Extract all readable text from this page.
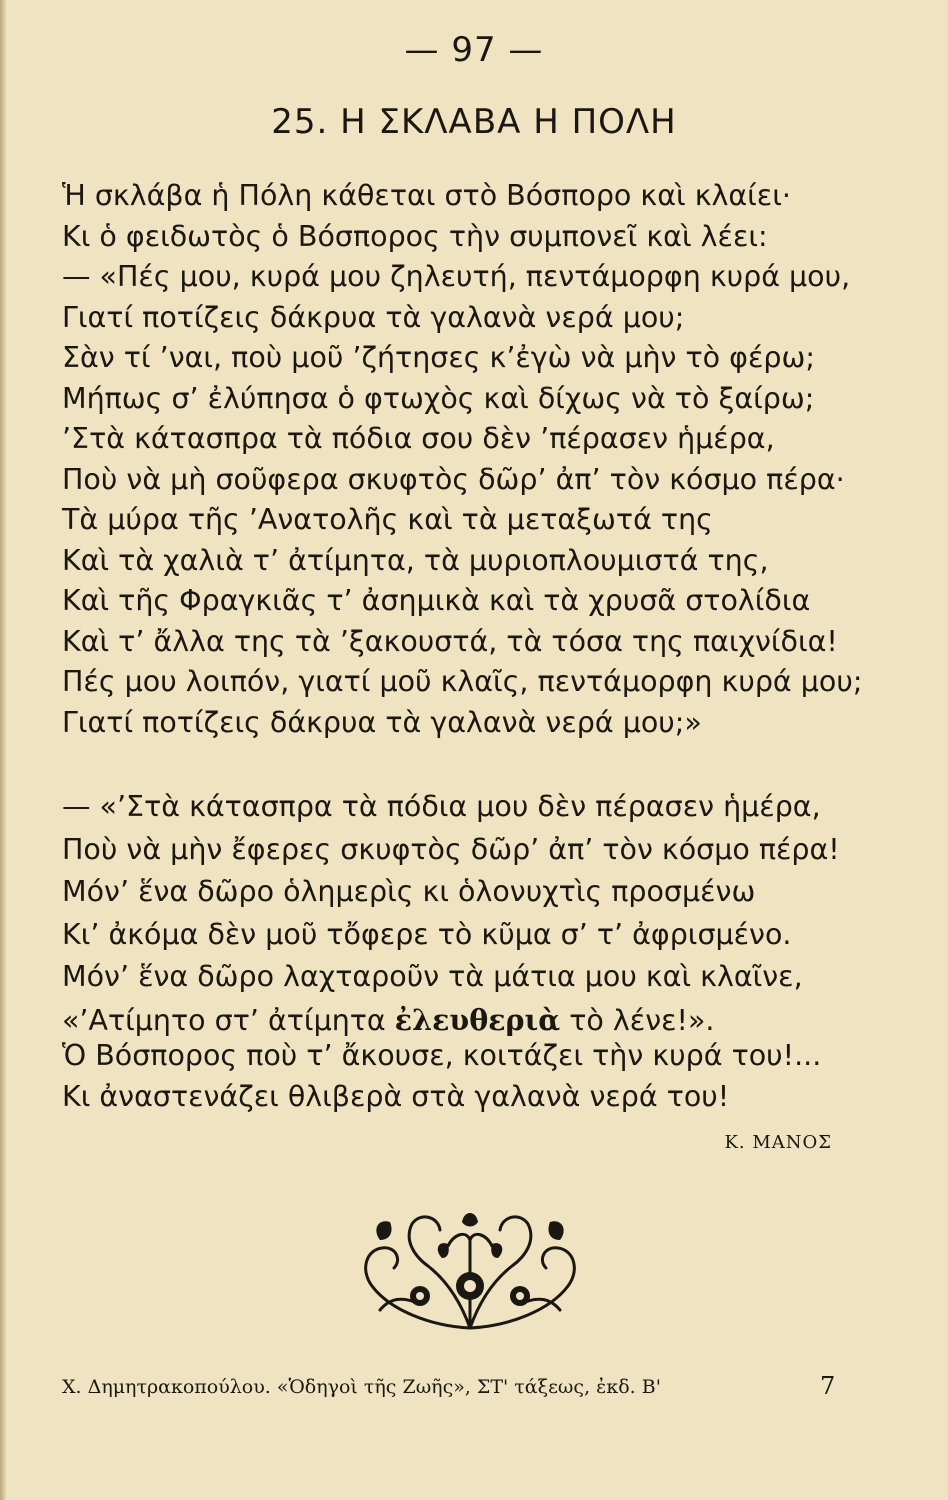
— 97 —
25. Η ΣΚΛΑΒΑ Η ΠΟΛΗ
Ἡ σκλάβα ἡ Πόλη κάθεται στὸ Βόσπορο καὶ κλαίει·
Κι ὁ φειδωτὸς ὁ Βόσπορος τὴν συμπονεῖ καὶ λέει:
— «Πές μου, κυρά μου ζηλευτή, πεντάμορφη κυρά μου,
Γιατί ποτίζεις δάκρυα τὰ γαλανὰ νερά μου;
Σὰν τί ’ναι, ποὺ μοῦ ’ζήτησες κ’ἐγὼ νὰ μὴν τὸ φέρω;
Μήπως σ’ ἐλύπησα ὁ φτωχὸς καὶ δίχως νὰ τὸ ξαίρω;
’Στὰ κάτασπρα τὰ πόδια σου δὲν ’πέρασεν ἡμέρα,
Ποὺ νὰ μὴ σοῦφερα σκυφτὸς δῶρ’ ἀπ’ τὸν κόσμο πέρα·
Τὰ μύρα τῆς ’Ανατολῆς καὶ τὰ μεταξωτά της
Καὶ τὰ χαλιὰ τ’ ἀτίμητα, τὰ μυριοπλουμιστά της,
Καὶ τῆς Φραγκιᾶς τ’ ἀσημικὰ καὶ τὰ χρυσᾶ στολίδια
Καὶ τ’ ἄλλα της τὰ ’ξακουστά, τὰ τόσα της παιχνίδια!
Πές μου λοιπόν, γιατί μοῦ κλαῖς, πεντάμορφη κυρά μου;
Γιατί ποτίζεις δάκρυα τὰ γαλανὰ νερά μου;»
— «’Στὰ κάτασπρα τὰ πόδια μου δὲν πέρασεν ἡμέρα,
Ποὺ νὰ μὴν ἔφερες σκυφτὸς δῶρ’ ἀπ’ τὸν κόσμο πέρα!
Μόν’ ἕνα δῶρο ὁλημερὶς κι ὁλονυχτὶς προσμένω
Κι’ ἀκόμα δὲν μοῦ τὄφερε τὸ κῦμα σ’ τ’ ἀφρισμένο.
Μόν’ ἕνα δῶρο λαχταροῦν τὰ μάτια μου καὶ κλαῖνε,
«’Ατίμητο στ’ ἀτίμητα ἐλευθεριὰ τὸ λένε!».
Ὁ Βόσπορος ποὺ τ’ ἄκουσε, κοιτάζει τὴν κυρά του!...
Κι ἀναστενάζει θλιβερὰ στὰ γαλανὰ νερά του!
Κ. ΜΑΝΟΣ
Χ. Δημητρακοπούλου. «Ὁδηγοὶ τῆς Ζωῆς», ΣΤ' τάξεως, ἐκδ. Β'	7
